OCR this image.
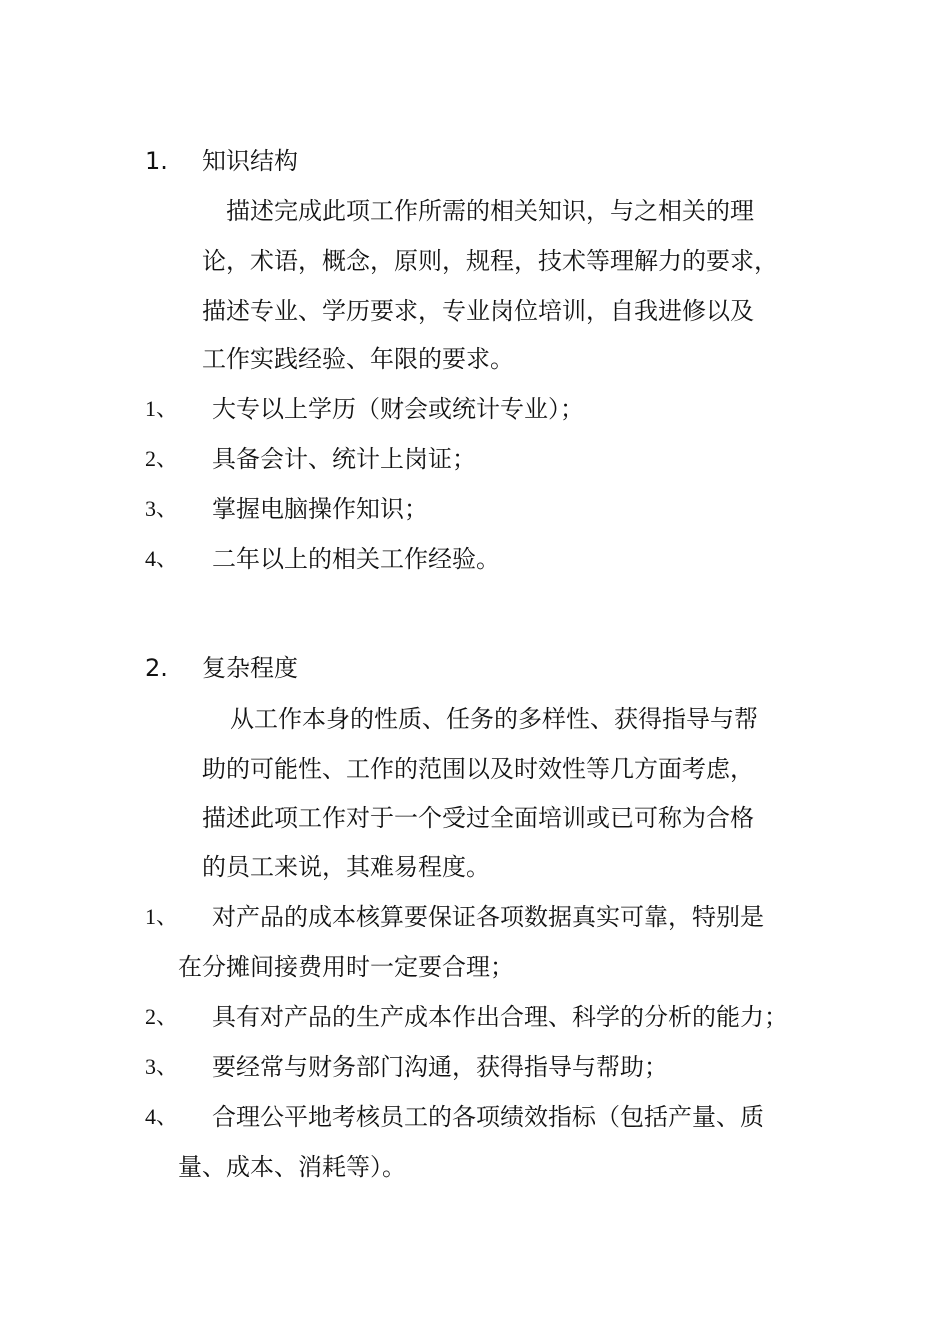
1. 知识结构
描述完成此项工作所需的相关知识，与之相关的理
论，术语，概念，原则，规程，技术等理解力的要求，
描述专业、学历要求，专业岗位培训，自我进修以及
工作实践经验、年限的要求。
1、 大专以上学历（财会或统计专业）；
2、 具备会计、统计上岗证；
3、 掌握电脑操作知识；
4、 二年以上的相关工作经验。
2. 复杂程度
从工作本身的性质、任务的多样性、获得指导与帮
助的可能性、工作的范围以及时效性等几方面考虑，
描述此项工作对于一个受过全面培训或已可称为合格
的员工来说，其难易程度。
1、 对产品的成本核算要保证各项数据真实可靠，特别是
在分摊间接费用时一定要合理；
2、 具有对产品的生产成本作出合理、科学的分析的能力；
3、 要经常与财务部门沟通，获得指导与帮助；
4、 合理公平地考核员工的各项绩效指标（包括产量、质
量、成本、消耗等）。
